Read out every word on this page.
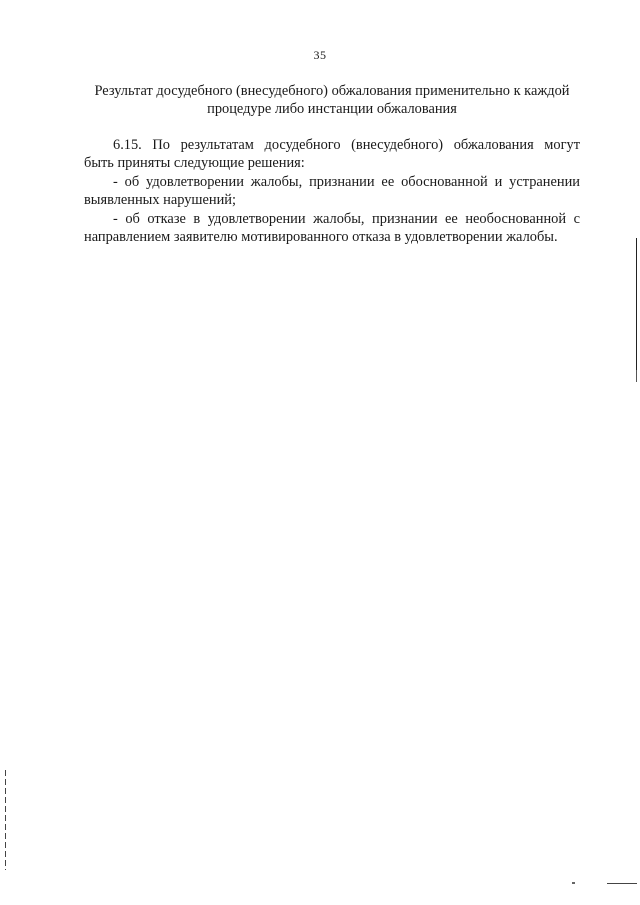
35
Результат досудебного (внесудебного) обжалования применительно к каждой
процедуре либо инстанции обжалования
6.15. По результатам досудебного (внесудебного) обжалования могут
быть приняты следующие решения:
- об удовлетворении жалобы, признании ее обоснованной и устранении
выявленных нарушений;
- об отказе в удовлетворении жалобы, признании ее необоснованной с
направлением заявителю мотивированного отказа в удовлетворении жалобы.
